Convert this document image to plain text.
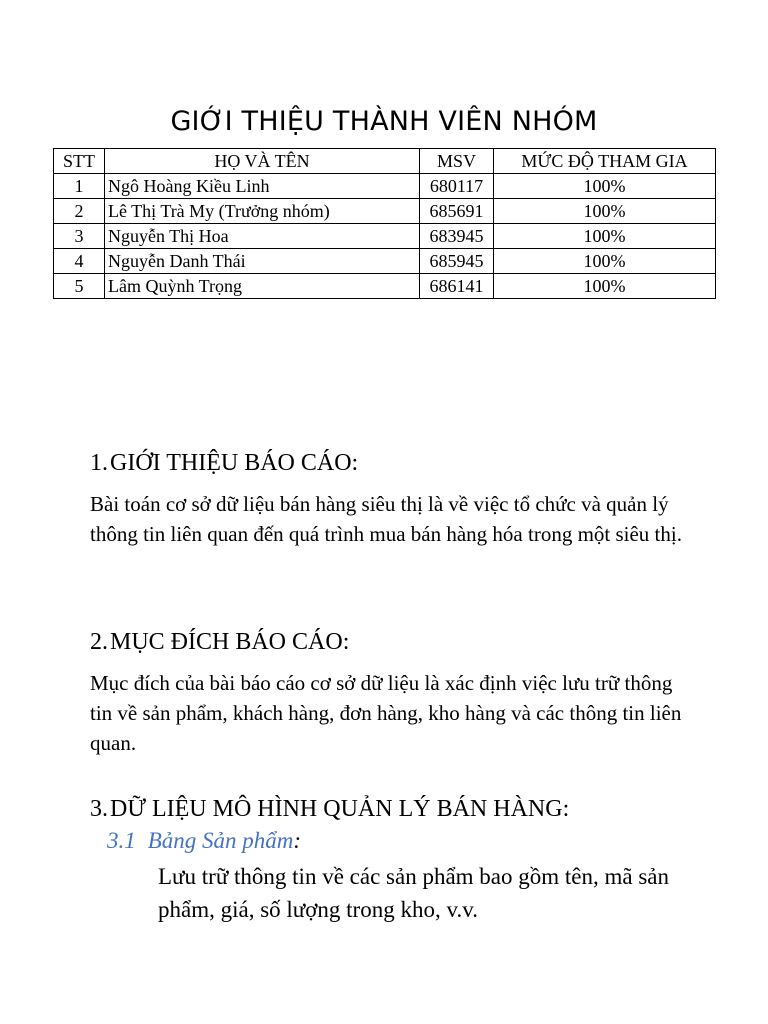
GIỚI THIỆU THÀNH VIÊN NHÓM
STT	HỌ VÀ TÊN	MSV	MỨC ĐỘ THAM GIA
1	Ngô Hoàng Kiều Linh	680117	100%
2	Lê Thị Trà My (Trưởng nhóm)	685691	100%
3	Nguyễn Thị Hoa	683945	100%
4	Nguyễn Danh Thái	685945	100%
5	Lâm Quỳnh Trọng	686141	100%
1.GIỚI THIỆU BÁO CÁO:
Bài toán cơ sở dữ liệu bán hàng siêu thị là về việc tổ chức và quản lý thông tin liên quan đến quá trình mua bán hàng hóa trong một siêu thị.
2.MỤC ĐÍCH BÁO CÁO:
Mục đích của bài báo cáo cơ sở dữ liệu là xác định việc lưu trữ thông tin về sản phẩm, khách hàng, đơn hàng, kho hàng và các thông tin liên quan.
3.DỮ LIỆU MÔ HÌNH QUẢN LÝ BÁN HÀNG:
3.1 Bảng Sản phẩm:
Lưu trữ thông tin về các sản phẩm bao gồm tên, mã sản phẩm, giá, số lượng trong kho, v.v.
